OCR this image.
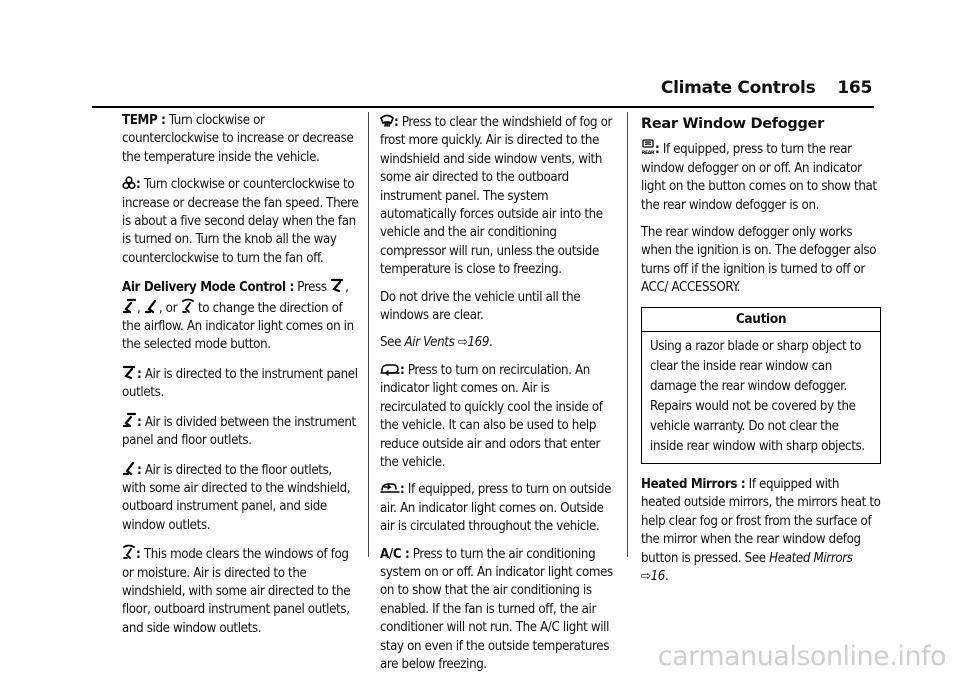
Climate Controls 165

TEMP : Turn clockwise or counterclockwise to increase or decrease the temperature inside the vehicle.

: Turn clockwise or counterclockwise to increase or decrease the fan speed. There is about a five second delay when the fan is turned on. Turn the knob all the way counterclockwise to turn the fan off.

Air Delivery Mode Control : Press ,
, , or to change the direction of the airflow. An indicator light comes on in the selected mode button.

: Air is directed to the instrument panel outlets.

: Air is divided between the instrument panel and floor outlets.

: Air is directed to the floor outlets, with some air directed to the windshield, outboard instrument panel, and side window outlets.

: This mode clears the windows of fog or moisture. Air is directed to the windshield, with some air directed to the floor, outboard instrument panel outlets, and side window outlets.

: Press to clear the windshield of fog or frost more quickly. Air is directed to the windshield and side window vents, with some air directed to the outboard instrument panel. The system automatically forces outside air into the vehicle and the air conditioning compressor will run, unless the outside temperature is close to freezing.

Do not drive the vehicle until all the windows are clear.

See Air Vents ⇨169.

: Press to turn on recirculation. An indicator light comes on. Air is recirculated to quickly cool the inside of the vehicle. It can also be used to help reduce outside air and odors that enter the vehicle.

: If equipped, press to turn on outside air. An indicator light comes on. Outside air is circulated throughout the vehicle.

A/C : Press to turn the air conditioning system on or off. An indicator light comes on to show that the air conditioning is enabled. If the fan is turned off, the air conditioner will not run. The A/C light will stay on even if the outside temperatures are below freezing.

Rear Window Defogger

REAR : If equipped, press to turn the rear window defogger on or off. An indicator light on the button comes on to show that the rear window defogger is on.

The rear window defogger only works when the ignition is on. The defogger also turns off if the ignition is turned to off or ACC/ ACCESSORY.

Caution
Using a razor blade or sharp object to clear the inside rear window can damage the rear window defogger. Repairs would not be covered by the vehicle warranty. Do not clear the inside rear window with sharp objects.

Heated Mirrors : If equipped with heated outside mirrors, the mirrors heat to help clear fog or frost from the surface of the mirror when the rear window defog button is pressed. See Heated Mirrors ⇨16.

carmanualsonline.info
